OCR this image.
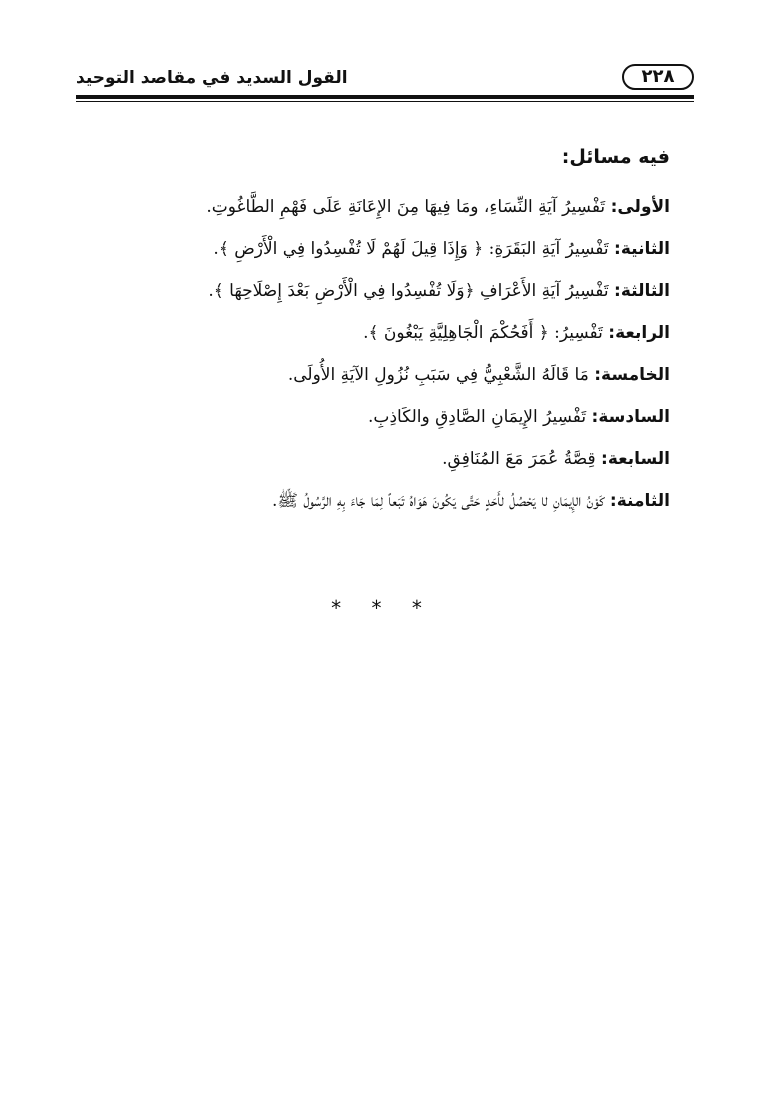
٢٢٨
القول السديد في مقاصد التوحيد
فيه مسائل:
الأولى: تَفْسِيرُ آيَةِ النِّسَاءِ، ومَا فِيهَا مِنَ الإِعَانَةِ عَلَى فَهْمِ الطَّاغُوتِ.
الثانية: تَفْسِيرُ آيَةِ البَقَرَةِ: ﴿ وَإِذَا قِيلَ لَهُمْ لَا تُفْسِدُوا فِي الْأَرْضِ ﴾.
الثالثة: تَفْسِيرُ آيَةِ الأَعْرَافِ ﴿وَلَا تُفْسِدُوا فِي الْأَرْضِ بَعْدَ إِصْلَاحِهَا ﴾.
الرابعة: تَفْسِيرُ: ﴿ أَفَحُكْمَ الْجَاهِلِيَّةِ يَبْغُونَ ﴾.
الخامسة: مَا قَالَهُ الشَّعْبِيُّ فِي سَبَبِ نُزُولِ الآيَةِ الأُولَى.
السادسة: تَفْسِيرُ الإِيمَانِ الصَّادِقِ والكَاذِبِ.
السابعة: قِصَّةُ عُمَرَ مَعَ المُنَافِقِ.
الثامنة: كَوْنُ الإِيمَانِ لا يَحْصُلُ لأَحَدٍ حَتَّى يَكُونَ هَوَاهُ تَبَعاً لِمَا جَاءَ بِهِ الرَّسُولُ ﷺ.
* * *
